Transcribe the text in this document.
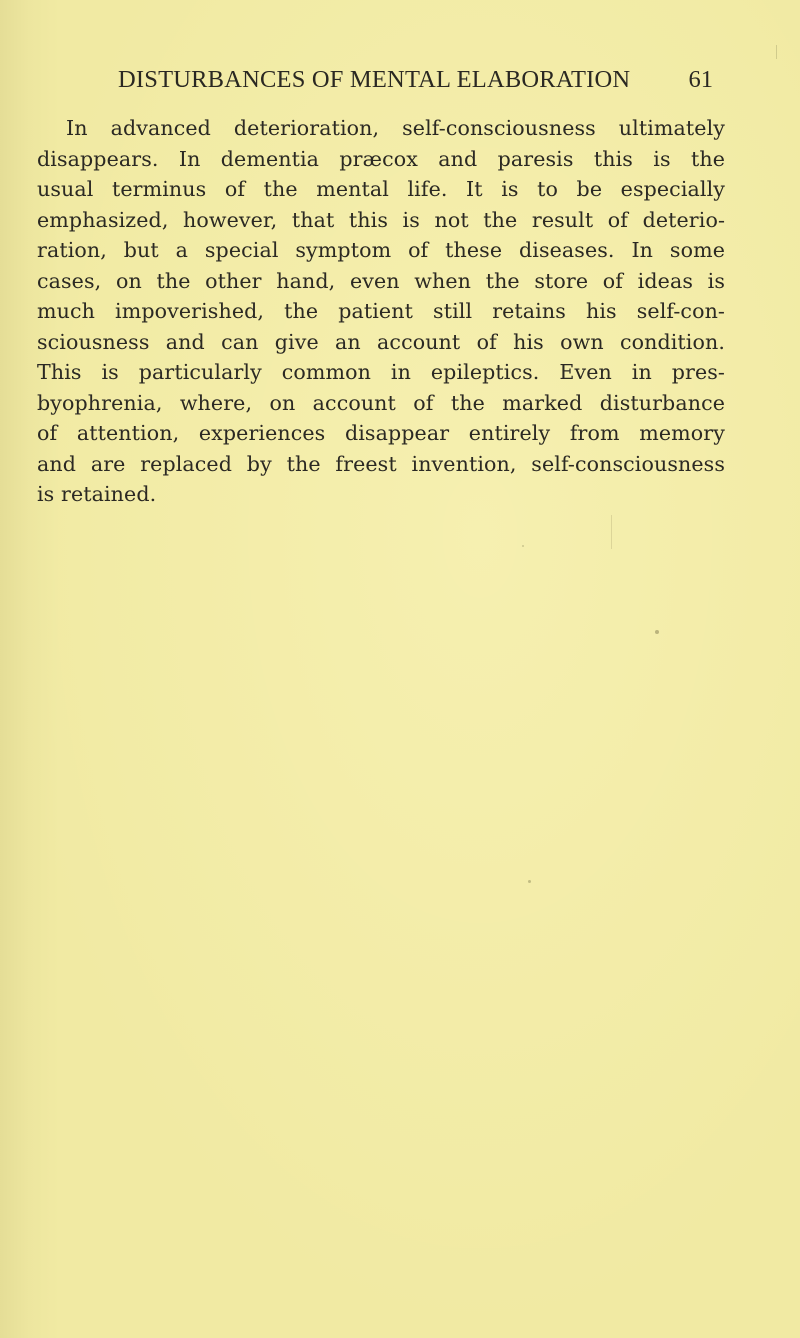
DISTURBANCES OF MENTAL ELABORATION 61
In advanced deterioration, self-consciousness ultimately
disappears. In dementia præcox and paresis this is the
usual terminus of the mental life. It is to be especially
emphasized, however, that this is not the result of deterio-
ration, but a special symptom of these diseases. In some
cases, on the other hand, even when the store of ideas is
much impoverished, the patient still retains his self-con-
sciousness and can give an account of his own condition.
This is particularly common in epileptics. Even in pres-
byophrenia, where, on account of the marked disturbance
of attention, experiences disappear entirely from memory
and are replaced by the freest invention, self-consciousness
is retained.
